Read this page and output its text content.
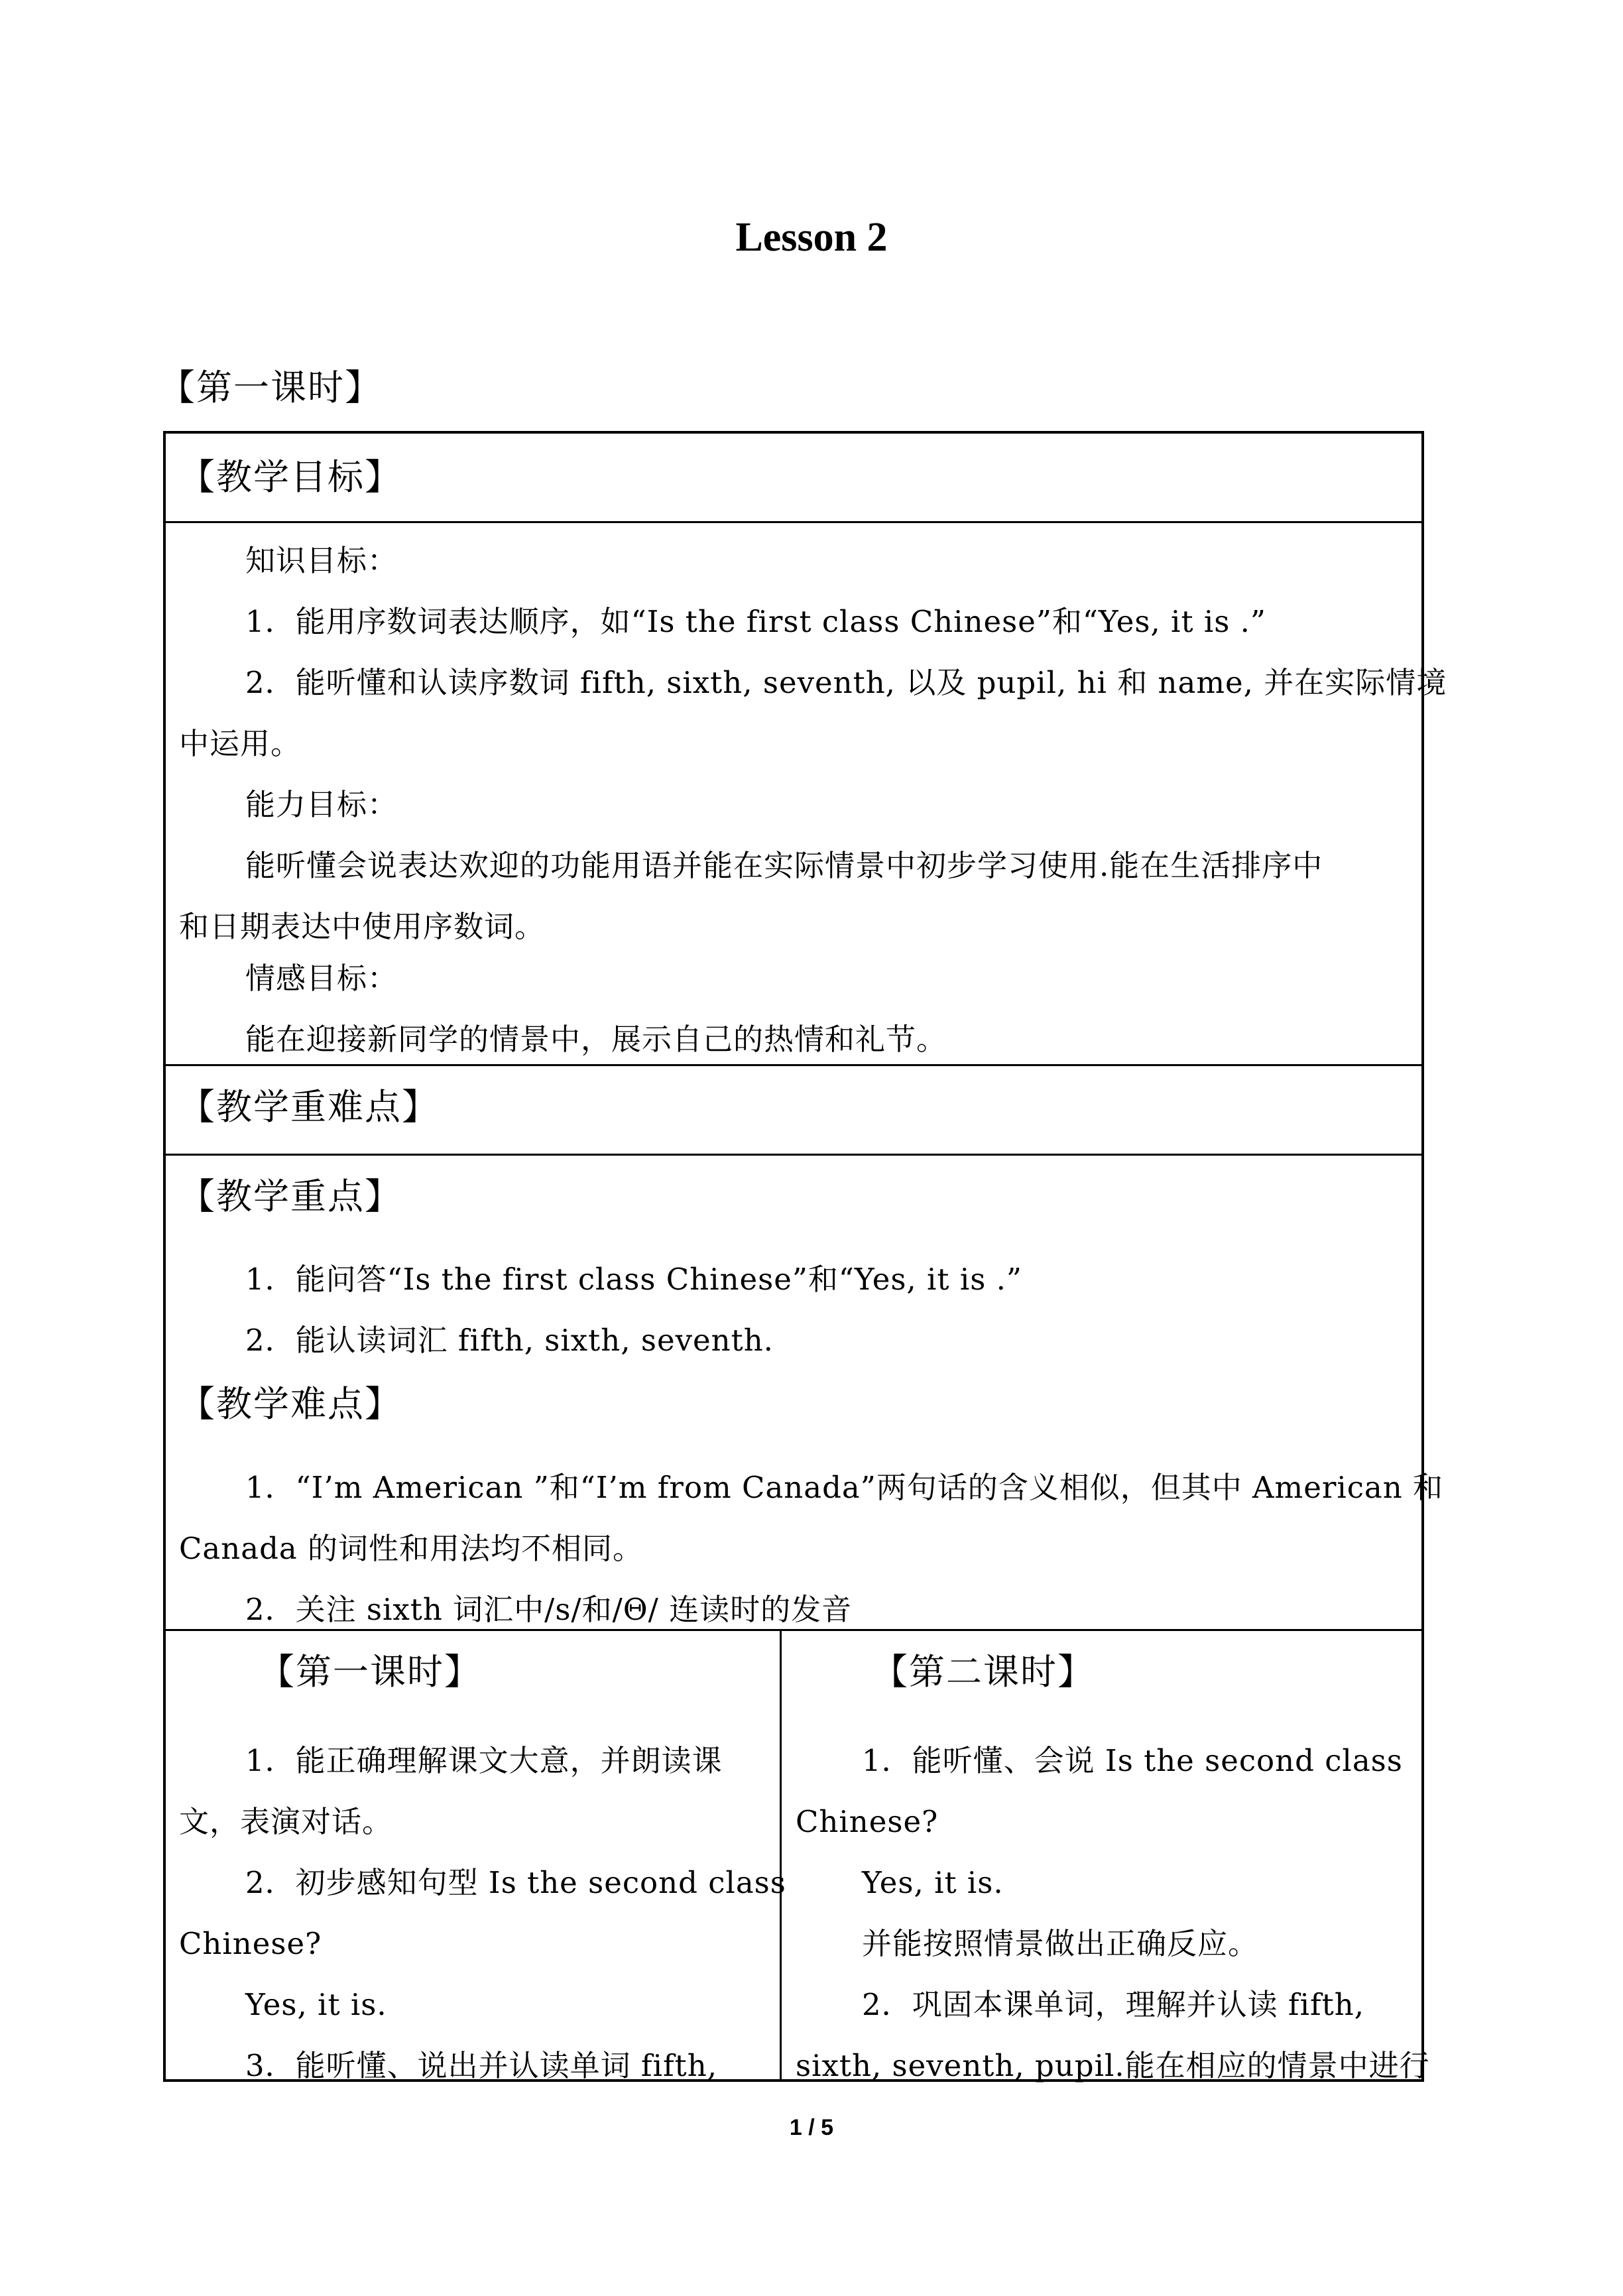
Lesson 2
【第一课时】
【教学目标】
知识目标：
1．能用序数词表达顺序，如“Is the first class Chinese”和“Yes, it is .”
2．能听懂和认读序数词 fifth, sixth, seventh, 以及 pupil, hi 和 name, 并在实际情境
中运用。
能力目标：
能听懂会说表达欢迎的功能用语并能在实际情景中初步学习使用.能在生活排序中
和日期表达中使用序数词。
情感目标：
能在迎接新同学的情景中，展示自己的热情和礼节。
【教学重难点】
【教学重点】
1．能问答“Is the first class Chinese”和“Yes, it is .”
2．能认读词汇 fifth, sixth, seventh.
【教学难点】
1．“I’m American ”和“I’m from Canada”两句话的含义相似，但其中 American 和
Canada 的词性和用法均不相同。
2．关注 sixth 词汇中/s/和/Θ/ 连读时的发音
【第一课时】
1．能正确理解课文大意，并朗读课
文，表演对话。
2．初步感知句型 Is the second class
Chinese?
Yes, it is.
3．能听懂、说出并认读单词 fifth,
【第二课时】
1．能听懂、会说 Is the second class
Chinese?
Yes, it is.
并能按照情景做出正确反应。
2．巩固本课单词，理解并认读 fifth,
sixth, seventh, pupil.能在相应的情景中进行
1 / 5
